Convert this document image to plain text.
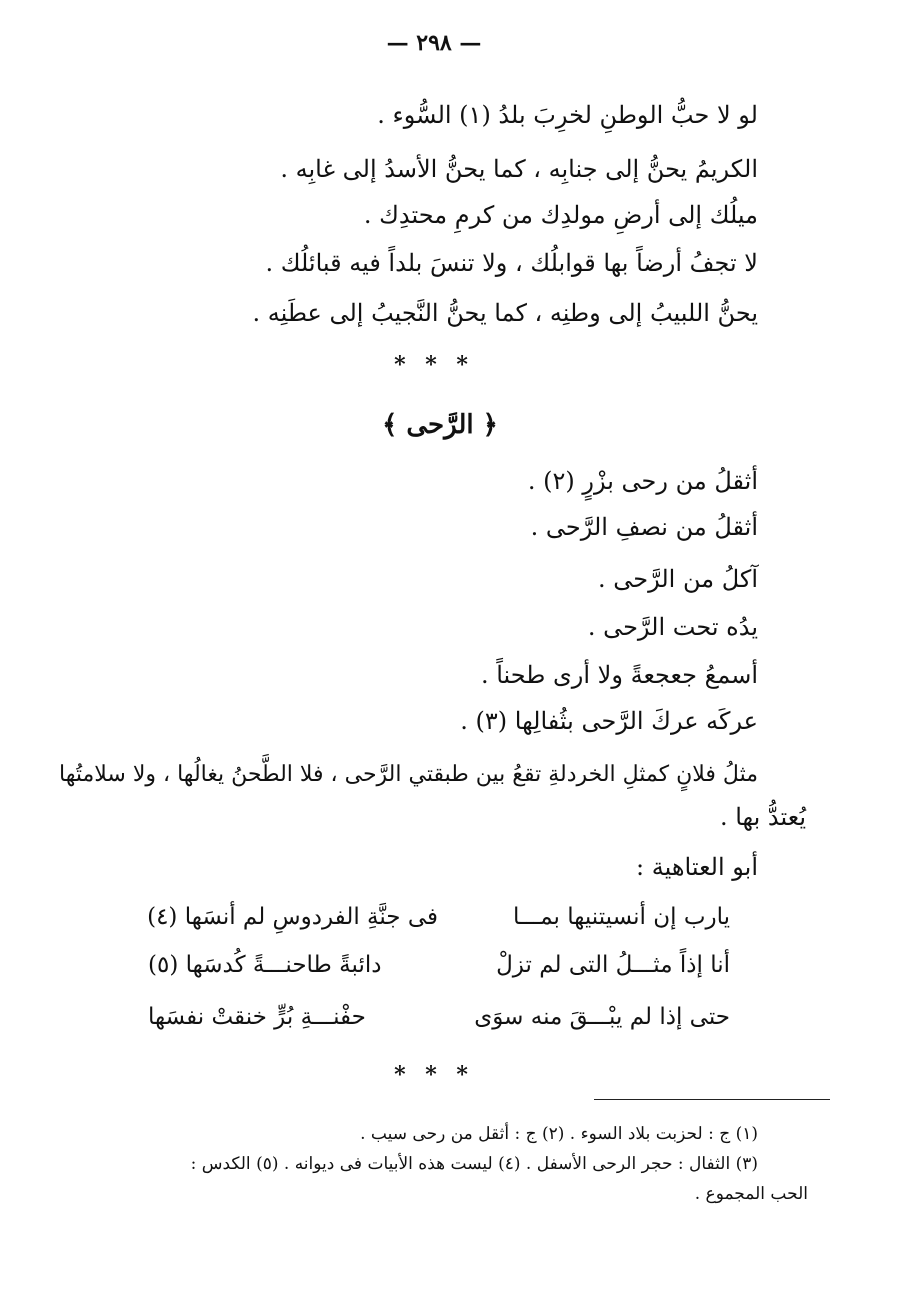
— ٢٩٨ —
لو لا حبُّ الوطنِ لخرِبَ بلدُ (١) السُّوء .
الكريمُ يحنُّ إلى جنابِه ، كما يحنُّ الأسدُ إلى غابِه .
ميلُك إلى أرضِ مولدِك من كرمِ محتدِك .
لا تجفُ أرضاً بها قوابلُك ، ولا تنسَ بلداً فيه قبائلُك .
يحنُّ اللبيبُ إلى وطنِه ، كما يحنُّ النَّجيبُ إلى عطَنِه .
* * *
﴿ الرَّحى ﴾
أثقلُ من رحى بزْرٍ (٢) .
أثقلُ من نصفِ الرَّحى .
آكلُ من الرَّحى .
يدُه تحت الرَّحى .
أسمعُ جعجعةً ولا أرى طحناً .
عركَه عركَ الرَّحى بثُفالِها (٣) .
مثلُ فلانٍ كمثلِ الخردلةِ تقعُ بين طبقتي الرَّحى ، فلا الطَّحنُ يغالُها ، ولا سلامتُها
يُعتدُّ بها .
أبو العتاهية :
يارب إن أنسيتنيها بمـــا
فى جنَّةِ الفردوسِ لم أنسَها (٤)
أنا إذاً مثـــلُ التى لم تزلْ
دائبةً طاحنـــةً كُدسَها (٥)
حتى إذا لم يبْـــقَ منه سوَى
حفْنـــةِ بُرٍّ خنقتْ نفسَها
* * *
(١) ج : لحزبت بلاد السوء . (٢) ج : أثقل من رحى سيب .
(٣) الثفال : حجر الرحى الأسفل . (٤) ليست هذه الأبيات فى ديوانه . (٥) الكدس :
الحب المجموع .
